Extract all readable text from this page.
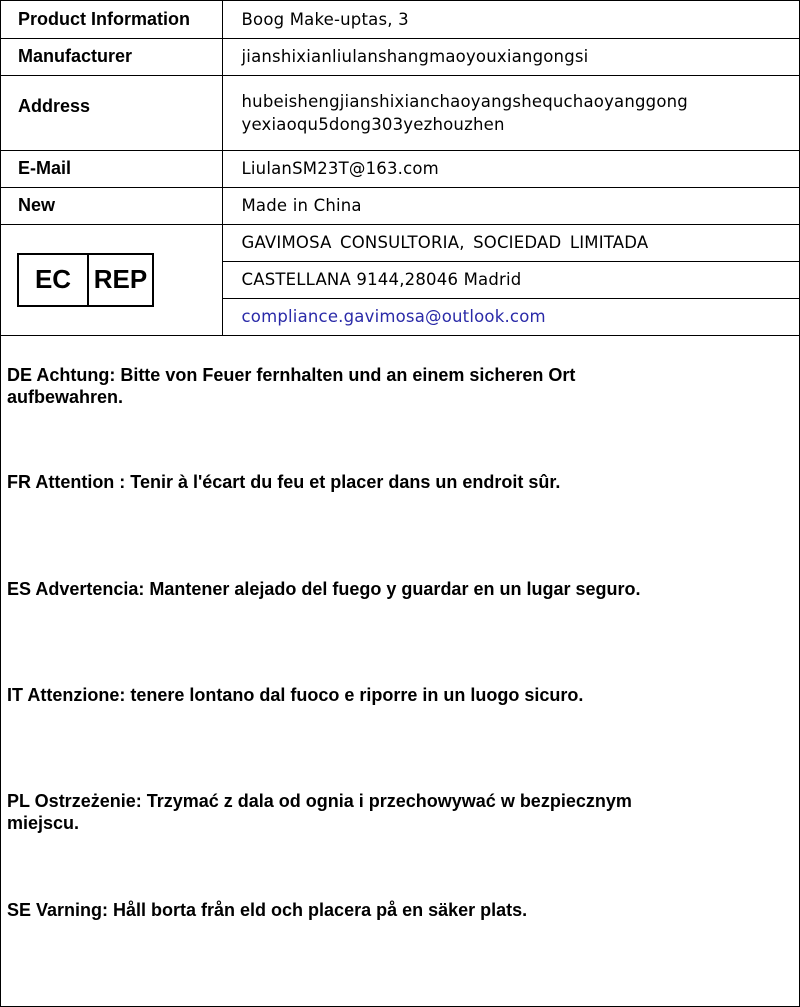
Product Information	Boog Make-uptas, 3
Manufacturer	jianshixianliulanshangmaoyouxiangongsi
Address	hubeishengjianshixianchaoyangshequchaoyanggong
yexiaoqu5dong303yezhouzhen
E-Mail	LiulanSM23T@163.com
New	Made in China

EC REP	GAVIMOSA CONSULTORIA, SOCIEDAD LIMITADA
	CASTELLANA 9144,28046 Madrid
	compliance.gavimosa@outlook.com

DE Achtung: Bitte von Feuer fernhalten und an einem sicheren Ort
aufbewahren.

FR Attention : Tenir à l'écart du feu et placer dans un endroit sûr.

ES Advertencia: Mantener alejado del fuego y guardar en un lugar seguro.

IT Attenzione: tenere lontano dal fuoco e riporre in un luogo sicuro.

PL Ostrzeżenie: Trzymać z dala od ognia i przechowywać w bezpiecznym
miejscu.

SE Varning: Håll borta från eld och placera på en säker plats.
